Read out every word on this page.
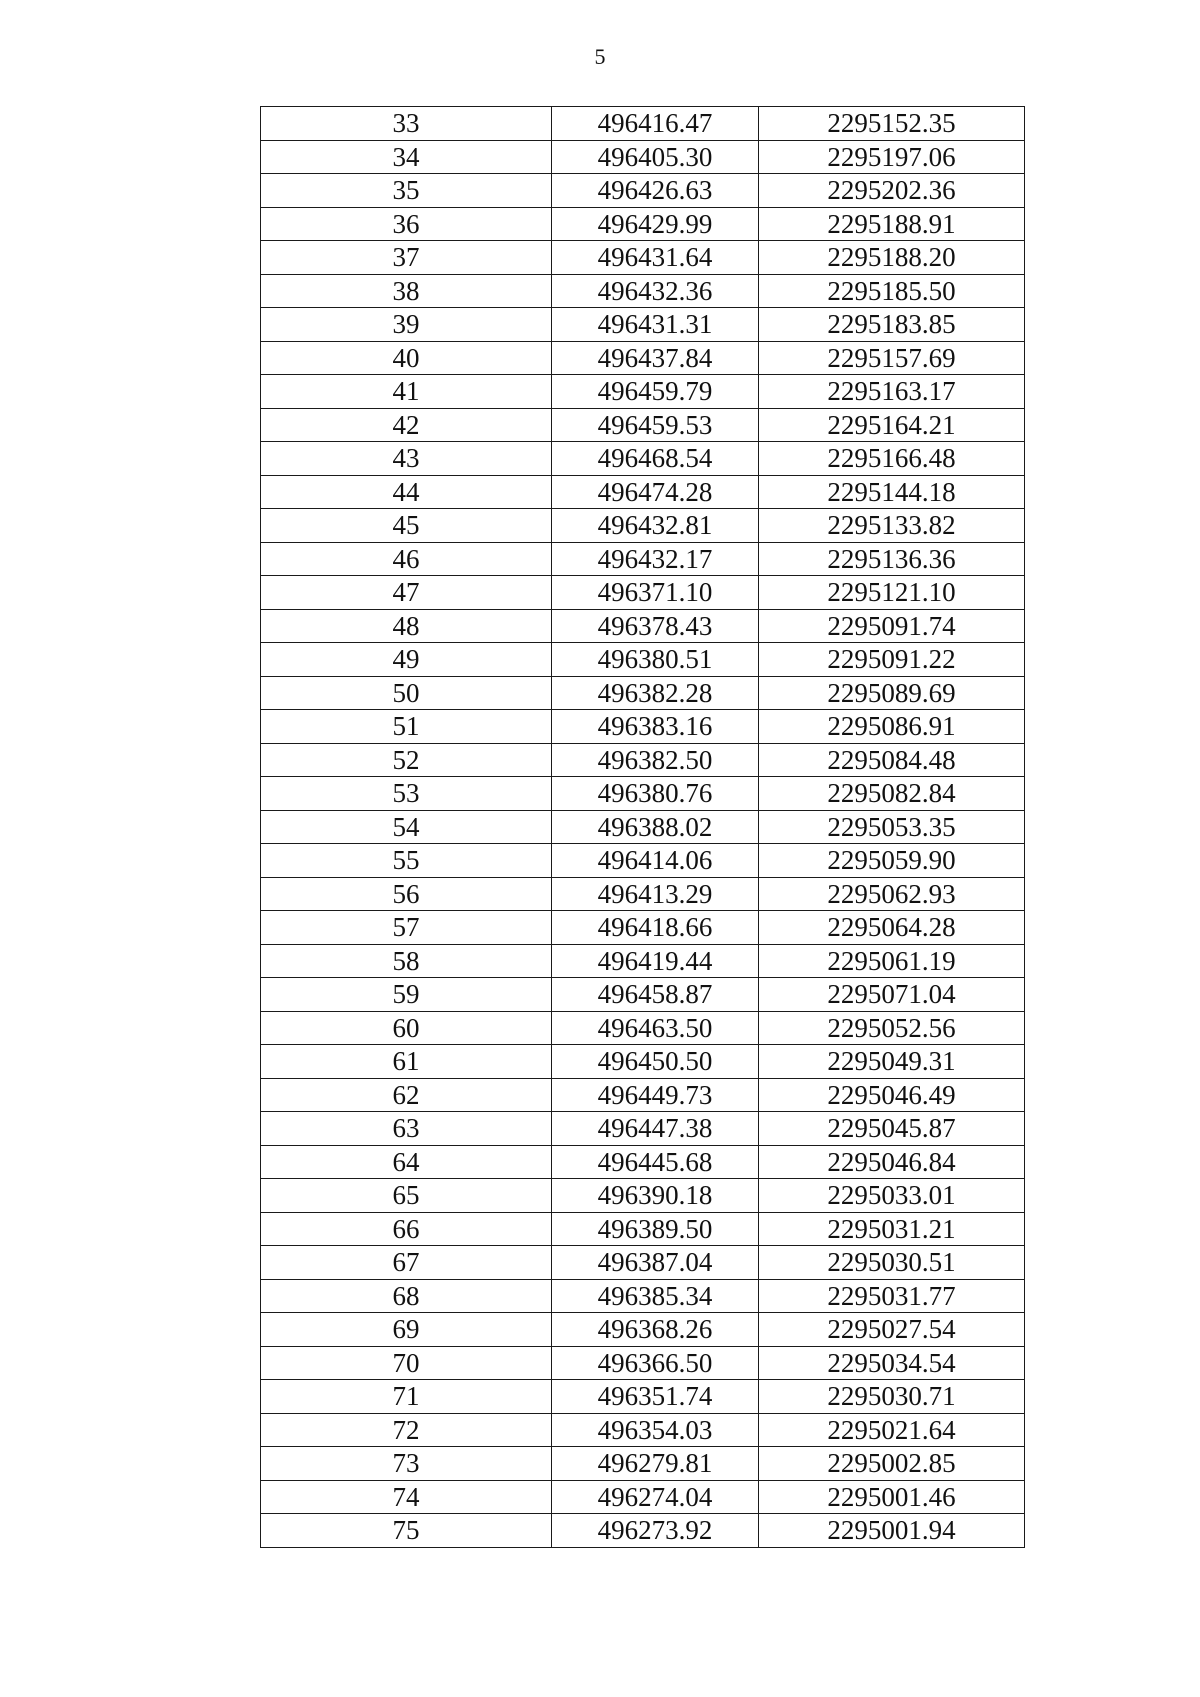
5
33	496416.47	2295152.35
34	496405.30	2295197.06
35	496426.63	2295202.36
36	496429.99	2295188.91
37	496431.64	2295188.20
38	496432.36	2295185.50
39	496431.31	2295183.85
40	496437.84	2295157.69
41	496459.79	2295163.17
42	496459.53	2295164.21
43	496468.54	2295166.48
44	496474.28	2295144.18
45	496432.81	2295133.82
46	496432.17	2295136.36
47	496371.10	2295121.10
48	496378.43	2295091.74
49	496380.51	2295091.22
50	496382.28	2295089.69
51	496383.16	2295086.91
52	496382.50	2295084.48
53	496380.76	2295082.84
54	496388.02	2295053.35
55	496414.06	2295059.90
56	496413.29	2295062.93
57	496418.66	2295064.28
58	496419.44	2295061.19
59	496458.87	2295071.04
60	496463.50	2295052.56
61	496450.50	2295049.31
62	496449.73	2295046.49
63	496447.38	2295045.87
64	496445.68	2295046.84
65	496390.18	2295033.01
66	496389.50	2295031.21
67	496387.04	2295030.51
68	496385.34	2295031.77
69	496368.26	2295027.54
70	496366.50	2295034.54
71	496351.74	2295030.71
72	496354.03	2295021.64
73	496279.81	2295002.85
74	496274.04	2295001.46
75	496273.92	2295001.94
